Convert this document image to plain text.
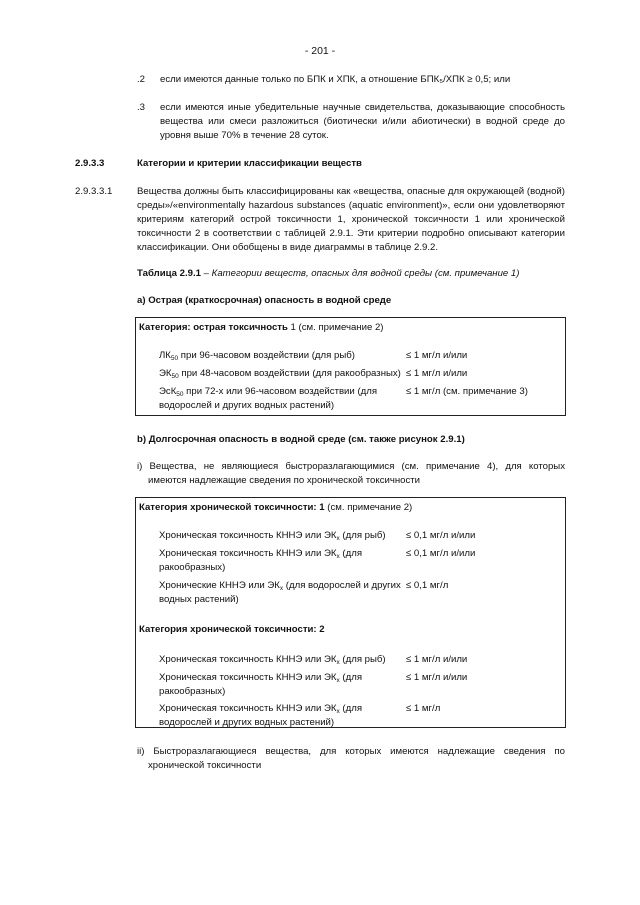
- 201 -
.2 если имеются данные только по БПК и ХПК, а отношение БПК₅/ХПК ≥ 0,5; или
.3 если имеются иные убедительные научные свидетельства, доказывающие способность вещества или смеси разложиться (биотически и/или абиотически) в водной среде до уровня выше 70% в течение 28 суток.
2.9.3.3	Категории и критерии классификации веществ
2.9.3.3.1	Вещества должны быть классифицированы как «вещества, опасные для окружающей (водной) среды»/«environmentally hazardous substances (aquatic environment)», если они удовлетворяют критериям категорий острой токсичности 1, хронической токсичности 1 или хронической токсичности 2 в соответствии с таблицей 2.9.1. Эти критерии подробно описывают категории классификации. Они обобщены в виде диаграммы в таблице 2.9.2.
Таблица 2.9.1 – Категории веществ, опасных для водной среды (см. примечание 1)
a) Острая (краткосрочная) опасность в водной среде
Категория: острая токсичность 1 (см. примечание 2)
$ЛК_{50}$ при 96-часовом воздействии (для рыб)	≤ 1 мг/л и/или
$ЭК_{50}$ при 48-часовом воздействии (для ракообразных) ≤ 1 мг/л и/или
ЭсК$_{50}$ при 72-х или 96-часовом воздействии (для
водорослей и других водных растений)
≤ 1 мг/л (см. примечание 3)
b) Долгосрочная опасность в водной среде (см. также рисунок 2.9.1)
i) Вещества, не являющиеся быстроразлагающимися (см. примечание 4), для которых имеются надлежащие сведения по хронической токсичности
Категория хронической токсичности: 1 (см. примечание 2)
Хроническая токсичность КННЭ или $ЭК_x$ (для рыб) ≤ 0,1 мг/л и/или
Хроническая токсичность КННЭ или $ЭК_x$ (для
ракообразных)
≤ 0,1 мг/л и/или
Хронические КННЭ или $ЭК_x$ (для водорослей и других
водных растений)
≤ 0,1 мг/л
Категория хронической токсичности: 2
Хроническая токсичность КННЭ или $ЭК_x$ (для рыб) ≤ 1 мг/л и/или
Хроническая токсичность КННЭ или $ЭК_x$ (для
ракообразных)
≤ 1 мг/л и/или
Хроническая токсичность КННЭ или $ЭК_x$ (для
водорослей и других водных растений)
≤ 1 мг/л
ii) Быстроразлагающиеся вещества, для которых имеются надлежащие сведения по хронической токсичности
